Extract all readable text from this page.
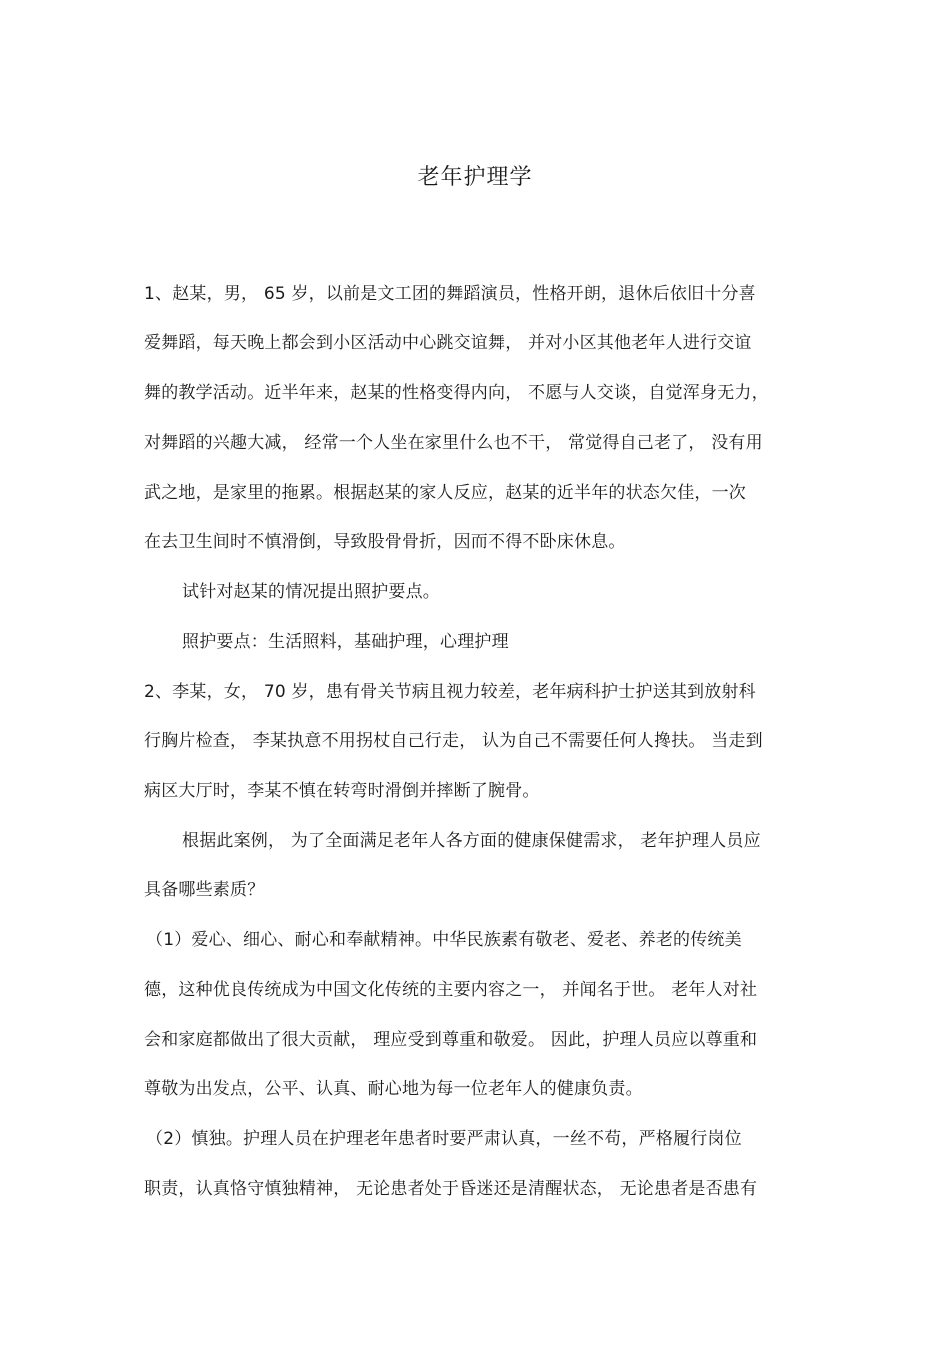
老年护理学
1、赵某，男， 65 岁，以前是文工团的舞蹈演员，性格开朗，退休后依旧十分喜
爱舞蹈，每天晚上都会到小区活动中心跳交谊舞， 并对小区其他老年人进行交谊
舞的教学活动。近半年来，赵某的性格变得内向， 不愿与人交谈，自觉浑身无力，
对舞蹈的兴趣大减， 经常一个人坐在家里什么也不干， 常觉得自己老了， 没有用
武之地，是家里的拖累。根据赵某的家人反应，赵某的近半年的状态欠佳，一次
在去卫生间时不慎滑倒，导致股骨骨折，因而不得不卧床休息。
试针对赵某的情况提出照护要点。
照护要点：生活照料，基础护理，心理护理
2、李某，女， 70 岁，患有骨关节病且视力较差，老年病科护士护送其到放射科
行胸片检查， 李某执意不用拐杖自己行走， 认为自己不需要任何人搀扶。 当走到
病区大厅时，李某不慎在转弯时滑倒并摔断了腕骨。
根据此案例， 为了全面满足老年人各方面的健康保健需求， 老年护理人员应
具备哪些素质？
（1）爱心、细心、耐心和奉献精神。中华民族素有敬老、爱老、养老的传统美
德，这种优良传统成为中国文化传统的主要内容之一， 并闻名于世。 老年人对社
会和家庭都做出了很大贡献， 理应受到尊重和敬爱。 因此，护理人员应以尊重和
尊敬为出发点，公平、认真、耐心地为每一位老年人的健康负责。
（2）慎独。护理人员在护理老年患者时要严肃认真，一丝不苟，严格履行岗位
职责，认真恪守慎独精神， 无论患者处于昏迷还是清醒状态， 无论患者是否患有
